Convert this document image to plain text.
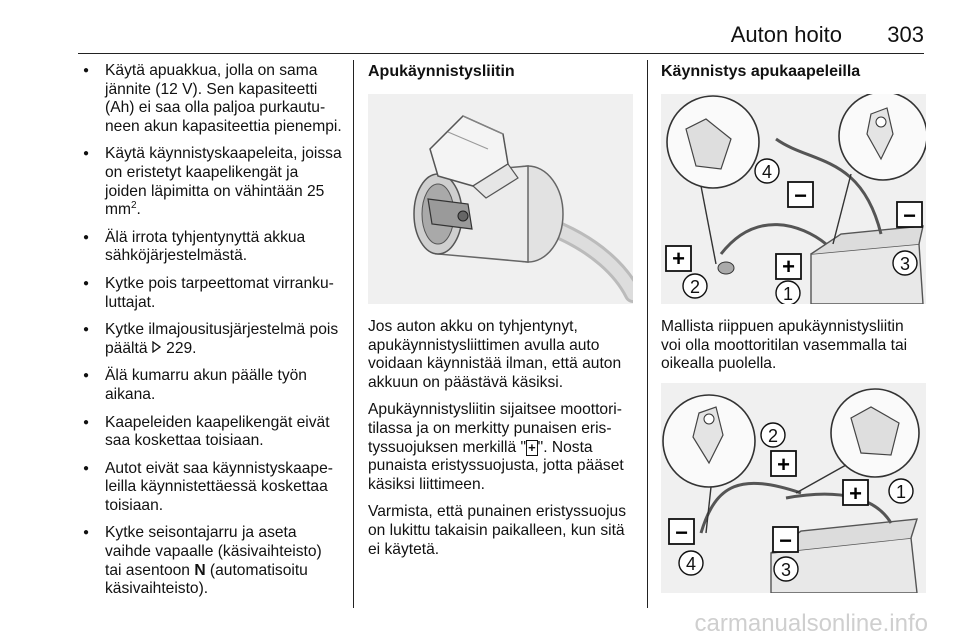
Auton hoito 303
● Käytä apuakkua, jolla on sama jännite (12 V). Sen kapasiteetti (Ah) ei saa olla paljoa purkautuneen akun kapasiteettia pienempi.
● Käytä käynnistyskaapeleita, joissa on eristetyt kaapelikengät ja joiden läpimitta on vähintään 25 $mm^2$.
● Älä irrota tyhjentynyttä akkua sähköjärjestelmästä.
● Kytke pois tarpeettomat virrankuluttajat.
● Kytke ilmajousitusjärjestelmä pois päältä  229.
● Älä kumarru akun päälle työn aikana.
● Kaapeleiden kaapelikengät eivät saa koskettaa toisiaan.
● Autot eivät saa käynnistyskaapeleilla käynnistettäessä koskettaa toisiaan.
● Kytke seisontajarru ja aseta vaihde vapaalle (käsivaihteisto) tai asentoon N (automatisoitu käsivaihteisto).
Apukäynnistysliitin

Jos auton akku on tyhjentynyt, apukäynnistysliittimen avulla auto voidaan käynnistää ilman, että auton akkuun on päästävä käsiksi.

Apukäynnistysliitin sijaitsee moottoritilassa ja on merkitty punaisen eristyssuojuksen merkillä " + ". Nosta punaista eristyssuojusta, jotta pääset käsiksi liittimeen.

Varmista, että punainen eristyssuojus on lukittu takaisin paikalleen, kun sitä ei käytetä.

Käynnistys apukaapeleilla
−
−
+
+
4
3
1
2

Mallista riippuen apukäynnistysliitin voi olla moottoritilan vasemmalla tai oikealla puolella.

+
+
−	−
2
1
4	3
carmanualsonline.info
